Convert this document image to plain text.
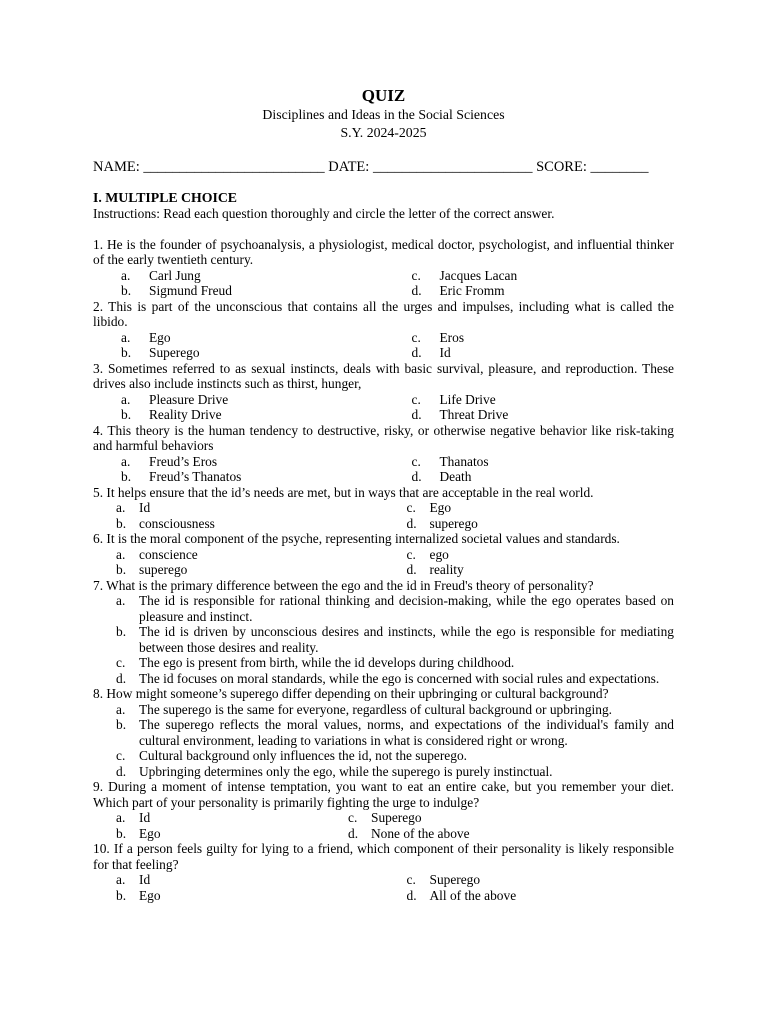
QUIZ
Disciplines and Ideas in the Social Sciences
S.Y. 2024-2025
NAME: _________________________ DATE: ______________________ SCORE: ________
I. MULTIPLE CHOICE
Instructions: Read each question thoroughly and circle the letter of the correct answer.
1. He is the founder of psychoanalysis, a physiologist, medical doctor, psychologist, and influential thinker of the early twentieth century.
a.	Carl Jung	c.	Jacques Lacan
b.	Sigmund Freud	d.	Eric Fromm
2. This is part of the unconscious that contains all the urges and impulses, including what is called the libido.
a.	Ego	c.	Eros
b.	Superego	d.	Id
3. Sometimes referred to as sexual instincts, deals with basic survival, pleasure, and reproduction. These drives also include instincts such as thirst, hunger,
a.	Pleasure Drive	c.	Life Drive
b.	Reality Drive	d.	Threat Drive
4. This theory is the human tendency to destructive, risky, or otherwise negative behavior like risk-taking and harmful behaviors
a.	Freud’s Eros	c.	Thanatos
b.	Freud’s Thanatos	d.	Death
5. It helps ensure that the id’s needs are met, but in ways that are acceptable in the real world.
a.	Id	c.	Ego
b. consciousness	d. superego
6. It is the moral component of the psyche, representing internalized societal values and standards.
a.	conscience	c.	ego
b. superego	d. reality
7. What is the primary difference between the ego and the id in Freud's theory of personality?
a.	The id is responsible for rational thinking and decision-making, while the ego operates based on pleasure and instinct.
b. The id is driven by unconscious desires and instincts, while the ego is responsible for mediating between those desires and reality.
c.	The ego is present from birth, while the id develops during childhood.
d. The id focuses on moral standards, while the ego is concerned with social rules and expectations.
8. How might someone’s superego differ depending on their upbringing or cultural background?
a.	The superego is the same for everyone, regardless of cultural background or upbringing.
b. The superego reflects the moral values, norms, and expectations of the individual's family and cultural environment, leading to variations in what is considered right or wrong.
c.	Cultural background only influences the id, not the superego.
d. Upbringing determines only the ego, while the superego is purely instinctual.
9. During a moment of intense temptation, you want to eat an entire cake, but you remember your diet. Which part of your personality is primarily fighting the urge to indulge?
a.	Id	c.	Superego
b. Ego	d. None of the above
10. If a person feels guilty for lying to a friend, which component of their personality is likely responsible for that feeling?
a.	Id	c.	Superego
b. Ego	d. All of the above
